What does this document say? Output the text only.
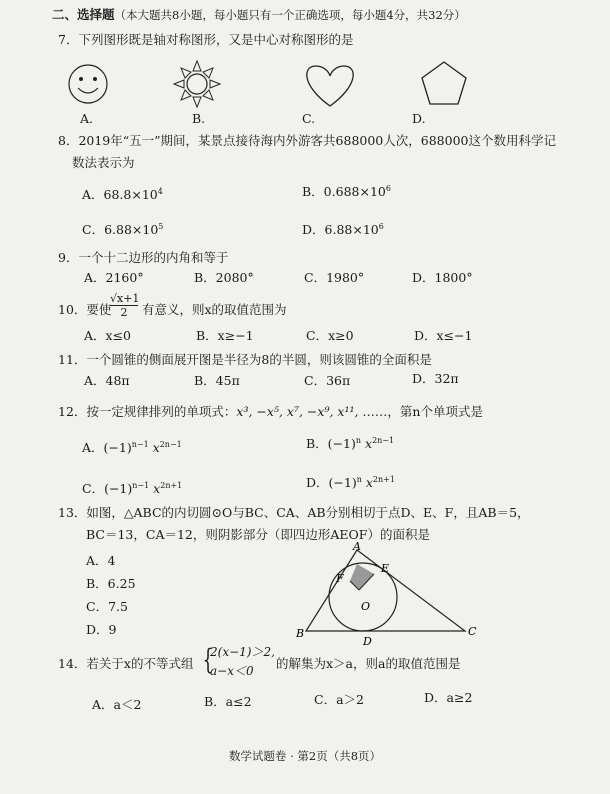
二、选择题（本大题共8小题，每小题只有一个正确选项，每小题4分，共32分）
7．下列图形既是轴对称图形，又是中心对称图形的是
A.	B.	C.	D.
8．2019年“五一”期间，某景点接待海内外游客共688000人次，688000这个数用科学记
数法表示为
A．$68.8\times 10^4$	B．$0.688\times 10^6$
C．$6.88\times 10^5$	D．$6.88\times 10^6$
9．一个十二边形的内角和等于
A．2160°	B．2080°	C．1980°	D．1800°
10．要使
$\frac{√x+1}{2}$ 有意义，则x的取值范围为
A．x≤0	B．x≥−1	C．x≥0	D．x≤−1
11．一个圆锥的侧面展开图是半径为8的半圆，则该圆锥的全面积是
A．48π	B．45π	C．36π	D．32π
12．按一定规律排列的单项式：x³, −x⁵, x⁷, −x⁹, x¹¹, ……，第n个单项式是
A．$(-1)^{n-1}$ $x^{2n-1}$	B．$(-1)^n$ $x^{2n-1}$
C．$(-1)^{n-1}$ $x^{2n+1}$	D．$(-1)^n$ $x^{2n+1}$
13．如图，△ABC的内切圆⊙O与BC、CA、AB分别相切于点D、E、F，且AB＝5，
BC＝13，CA＝12，则阴影部分（即四边形AEOF）的面积是
A．4
B．6.25
C．7.5
D．9
A
B	C
D
E
F
O
14．若关于x的不等式组 {
2(x−1)＞2,
a−x＜0 的解集为x＞a，则a的取值范围是
A．a＜2	B．a≤2	C．a＞2	D．a≥2
数学试题卷 · 第2页（共8页）
